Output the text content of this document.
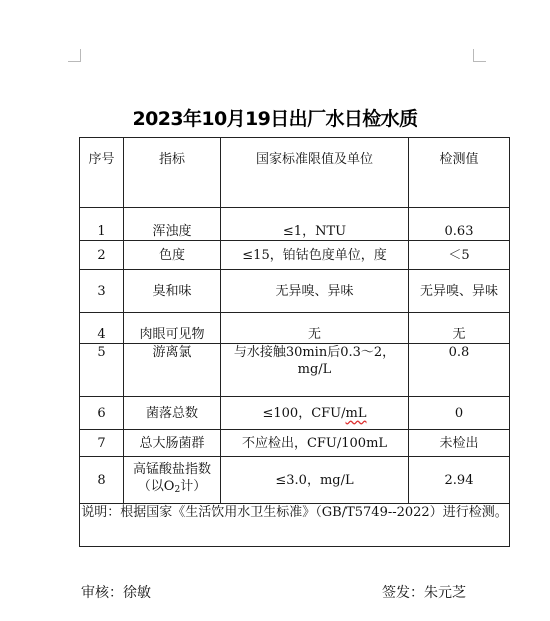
2023年10月19日出厂水日检水质
序号	指标	国家标准限值及单位	检测值
1	浑浊度	≤1，NTU	0.63
2	色度	≤15，铂钴色度单位，度	＜5
3	臭和味	无异嗅、异味	无异嗅、异味
4	肉眼可见物	无	无
5	游离氯	与水接触30min后0.3～2，
mg/L	0.8
6	菌落总数	≤100，CFU/mL	0
7	总大肠菌群	不应检出，CFU/100mL	未检出
8	高锰酸盐指数
（以$O_2$计）	≤3.0，mg/L	2.94
说明：根据国家《生活饮用水卫生标准》（GB/T5749--2022）进行检测。			
审核：徐敏	签发：朱元芝
